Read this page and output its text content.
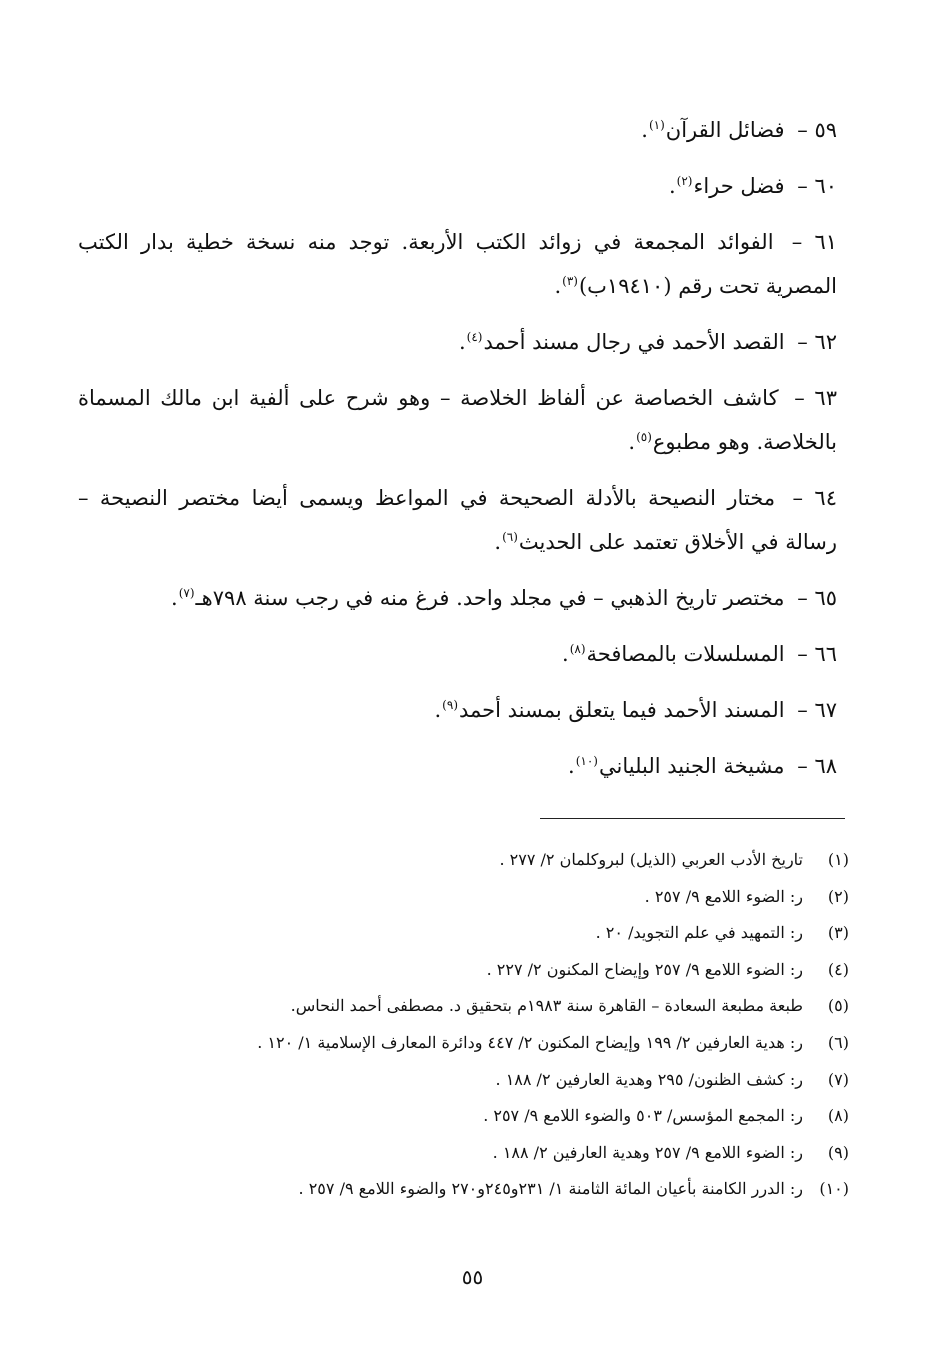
٥٩ – فضائل القرآن$^{(١)}$.

٦٠ – فضل حراء$^{(٢)}$.

٦١ – الفوائد المجمعة في زوائد الكتب الأربعة. توجد منه نسخة خطية بدار الكتب المصرية تحت رقم (١٩٤١٠ب)$^{(٣)}$.

٦٢ – القصد الأحمد في رجال مسند أحمد$^{(٤)}$.

٦٣ – كاشف الخصاصة عن ألفاظ الخلاصة – وهو شرح على ألفية ابن مالك المسماة بالخلاصة. وهو مطبوع$^{(٥)}$.

٦٤ – مختار النصيحة بالأدلة الصحيحة في المواعظ ويسمى أيضا مختصر النصيحة – رسالة في الأخلاق تعتمد على الحديث$^{(٦)}$.

٦٥ – مختصر تاريخ الذهبي – في مجلد واحد. فرغ منه في رجب سنة ٧٩٨هـ$^{(٧)}$.

٦٦ – المسلسلات بالمصافحة$^{(٨)}$.

٦٧ – المسند الأحمد فيما يتعلق بمسند أحمد$^{(٩)}$.

٦٨ – مشيخة الجنيد البلياني$^{(١٠)}$.

(١)
تاريخ الأدب العربي (الذيل) لبروكلمان ٢/ ٢٧٧ .
(٢)
ر: الضوء اللامع ٩/ ٢٥٧ .
(٣)
ر: التمهيد في علم التجويد/ ٢٠ .
(٤)
ر: الضوء اللامع ٩/ ٢٥٧ وإيضاح المكنون ٢/ ٢٢٧ .
(٥)
طبعة مطبعة السعادة – القاهرة سنة ١٩٨٣م بتحقيق د. مصطفى أحمد النحاس.
(٦)
ر: هدية العارفين ٢/ ١٩٩ وإيضاح المكنون ٢/ ٤٤٧ ودائرة المعارف الإسلامية ١/ ١٢٠ .
(٧)
ر: كشف الظنون/ ٢٩٥ وهدية العارفين ٢/ ١٨٨ .
(٨)
ر: المجمع المؤسس/ ٥٠٣ والضوء اللامع ٩/ ٢٥٧ .
(٩)
ر: الضوء اللامع ٩/ ٢٥٧ وهدية العارفين ٢/ ١٨٨ .
(١٠)
ر: الدرر الكامنة بأعيان المائة الثامنة ١/ ٢٣١و٢٤٥و٢٧٠ والضوء اللامع ٩/ ٢٥٧ .
٥٥
